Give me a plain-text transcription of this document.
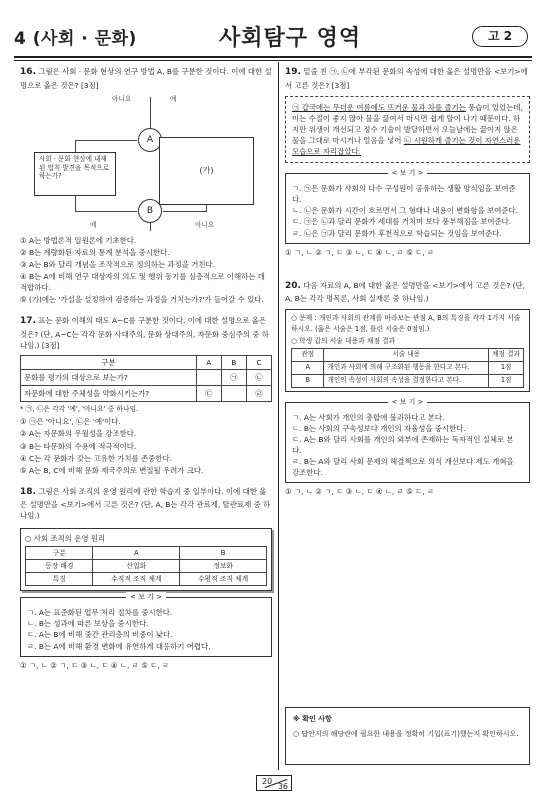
4 (사회 · 문화)	사회탐구 영역	고 2
16. 그림은 사회 · 문화 현상의 연구 방법 A, B를 구분한 것이다. 이에 대한 설명으로 옳은 것은? [3점]
A
B
아니요	예
예	아니요
사회 · 문화 현상에 내재된 법칙 발견을 목적으로 하는가?
(가)
① A는 방법론적 일원론에 기초한다.
② B는 계량화된 자료의 통계 분석을 중시한다.
③ A는 B와 달리 개념을 조작적으로 정의하는 과정을 거친다.
④ B는 A에 비해 연구 대상자의 의도 및 행위 동기를 심층적으로 이해하는 데 적합하다.
⑤ (가)에는 '가설을 설정하여 검증하는 과정을 거치는가?'가 들어갈 수 있다.
17. 표는 문화 이해의 태도 A~C를 구분한 것이다. 이에 대한 설명으로 옳은 것은? (단, A~C는 각각 문화 사대주의, 문화 상대주의, 자문화 중심주의 중 하나임.) [3점]
구분	A	B	C
문화를 평가의 대상으로 보는가?		㉠	㉡
자문화에 대한 주체성을 약화시키는가?	㉢		㉣
* ㉠, ㉡은 각각 '예', '아니요' 중 하나임.
① ㉠은 '아니요', ㉡은 '예'이다.
② A는 자문화의 우월성을 강조한다.
③ B는 타문화의 수용에 적극적이다.
④ C는 각 문화가 갖는 고유한 가치를 존중한다.
⑤ A는 B, C에 비해 문화 제국주의로 변질될 우려가 크다.
18. 그림은 사회 조직의 운영 원리에 관한 학습지 중 일부이다. 이에 대한 옳은 설명만을 <보기>에서 고른 것은? (단, A, B는 각각 관료제, 탈관료제 중 하나임.)
○ 사회 조직의 운영 원리
구분	A	B
등장 배경	산업화	정보화
특징	수직적 조직 체계	수평적 조직 체계
< 보 기 >
ㄱ. A는 표준화된 업무 처리 절차를 중시한다.
ㄴ. B는 성과에 따른 보상을 중시한다.
ㄷ. A는 B에 비해 중간 관리층의 비중이 낮다.
ㄹ. B는 A에 비해 환경 변화에 유연하게 대응하기 어렵다.
① ㄱ, ㄴ ② ㄱ, ㄷ ③ ㄴ, ㄷ ④ ㄴ, ㄹ ⑤ ㄷ, ㄹ
19. 밑줄 친 ㉠, ㉡에 부각된 문화의 속성에 대한 옳은 설명만을 <보기>에서 고른 것은? [3점]
㉠ 갑국에는 무더운 여름에도 뜨거운 물과 차를 즐기는 풍습이 있었는데, 이는 수질이 좋지 않아 물을 끓여서 마시면 쉽게 탈이 나기 때문이다. 하지만 위생이 개선되고 정수 기술이 발달하면서 오늘날에는 끓이지 않은 물을 그대로 마시거나 얼음을 넣어 ㉡ 시원하게 즐기는 것이 자연스러운 모습으로 자리잡았다.
< 보 기 >
ㄱ. ㉠은 문화가 사회의 다수 구성원이 공유하는 생활 양식임을 보여준다.
ㄴ. ㉡은 문화가 시간이 흐르면서 그 형태나 내용이 변화함을 보여준다.
ㄷ. ㉠은 ㉡과 달리 문화가 세대를 거치며 보다 풍부해짐을 보여준다.
ㄹ. ㉡은 ㉠과 달리 문화가 후천적으로 학습되는 것임을 보여준다.
① ㄱ, ㄴ ② ㄱ, ㄷ ③ ㄴ, ㄷ ④ ㄴ, ㄹ ⑤ ㄷ, ㄹ
20. 다음 자료의 A, B에 대한 옳은 설명만을 <보기>에서 고른 것은? (단, A, B는 각각 명목론, 사회 실재론 중 하나임.)
○ 문제 : 개인과 사회의 관계를 바라보는 관점 A, B의 특징을 각각 1가지 서술하시오. (옳은 서술은 1점, 틀린 서술은 0점임.)
○ 학생 갑의 서술 내용과 채점 결과
관점	서술 내용	채점 결과
A	개인과 사회에 의해 구조화된 행동을 한다고 본다.	1점
B	개인의 속성이 사회의 속성을 결정한다고 본다.	1점
< 보 기 >
ㄱ. A는 사회가 개인의 총합에 불과하다고 본다.
ㄴ. B는 사회의 구속성보다 개인의 자율성을 중시한다.
ㄷ. A는 B와 달리 사회를 개인의 외부에 존재하는 독자적인 실체로 본다.
ㄹ. B는 A와 달리 사회 문제의 해결책으로 의식 개선보다 제도 개혁을 강조한다.
① ㄱ, ㄴ ② ㄱ, ㄷ ③ ㄴ, ㄷ ④ ㄴ, ㄹ ⑤ ㄷ, ㄹ
※ 확인 사항
○ 답안지의 해당란에 필요한 내용을 정확히 기입(표기)했는지 확인하시오.
20
36
